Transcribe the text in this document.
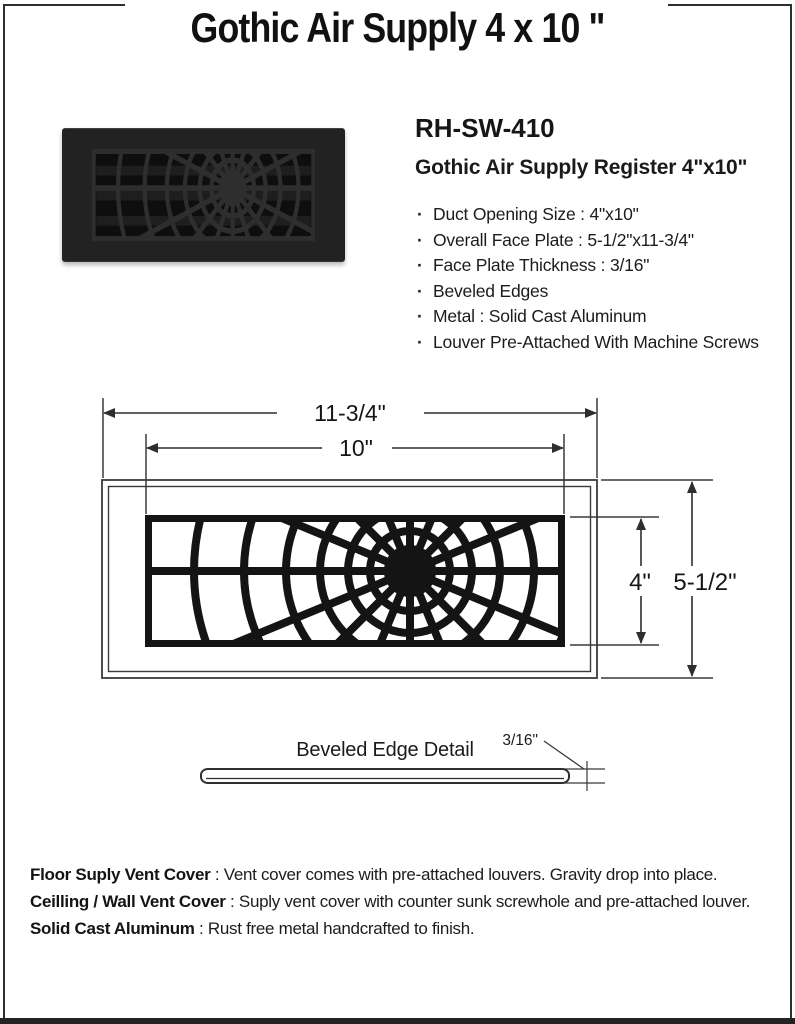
Gothic Air Supply 4 x 10 "
RH-SW-410
Gothic Air Supply Register 4"x10"
· Duct Opening Size : 4"x10"
· Overall Face Plate : 5-1/2"x11-3/4"
· Face Plate Thickness : 3/16"
· Beveled Edges
· Metal : Solid Cast Aluminum
· Louver Pre-Attached With Machine Screws
11-3/4"
10"
4" 5-1/2"
Beveled Edge Detail	3/16"
Floor Suply Vent Cover : Vent cover comes with pre-attached louvers. Gravity drop into place.
Ceilling / Wall Vent Cover : Suply vent cover with counter sunk screwhole and pre-attached louver.
Solid Cast Aluminum : Rust free metal handcrafted to finish.
